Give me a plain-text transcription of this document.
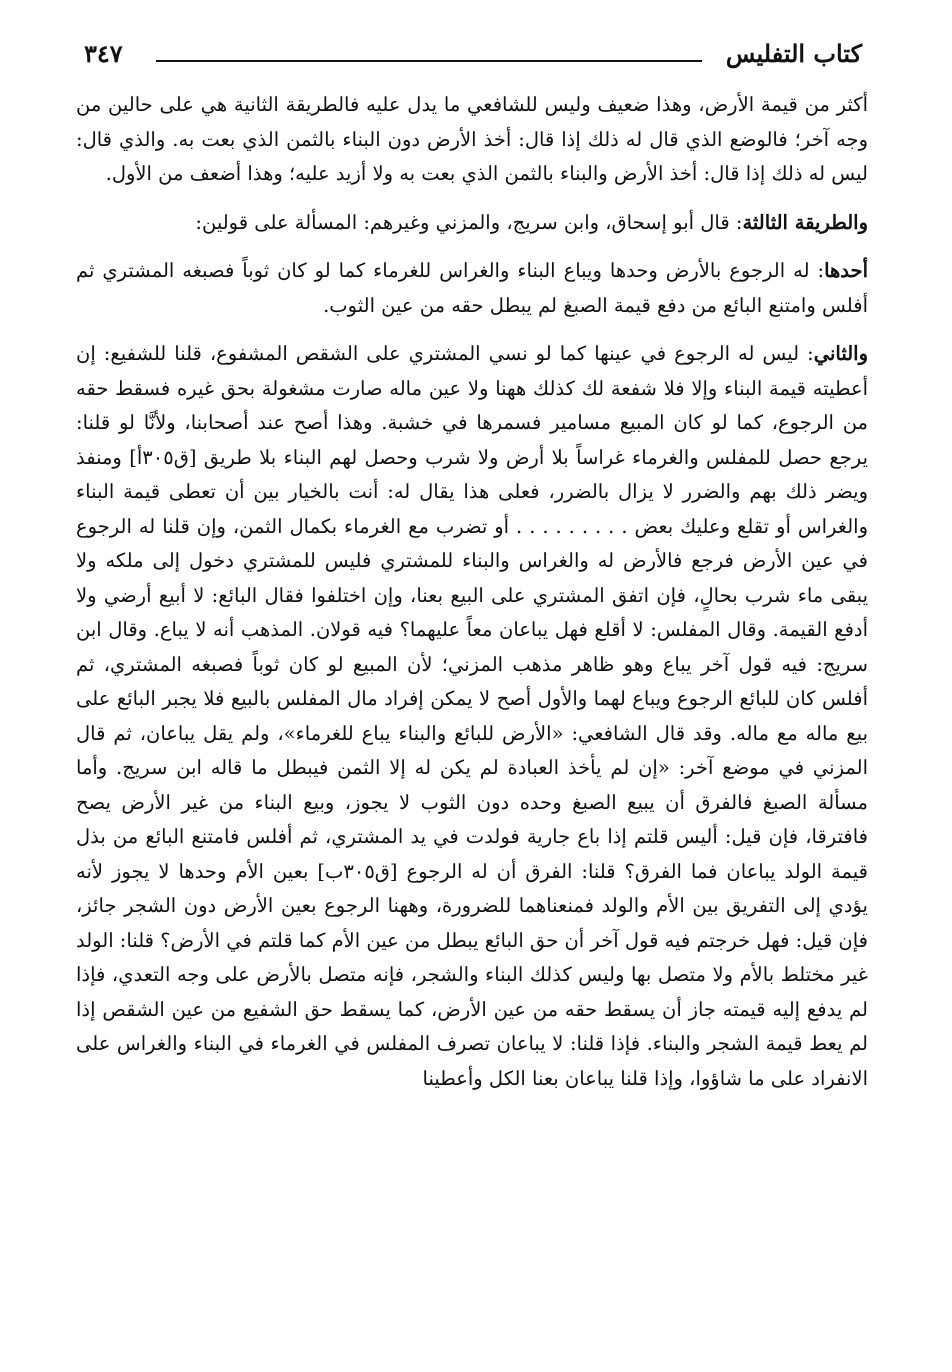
كتاب التفليس
٣٤٧

أكثر من قيمة الأرض، وهذا ضعيف وليس للشافعي ما يدل عليه فالطريقة الثانية هي على حالين من وجه آخر؛ فالوضع الذي قال له ذلك إذا قال: أخذ الأرض دون البناء بالثمن الذي بعت به. والذي قال: ليس له ذلك إذا قال: أخذ الأرض والبناء بالثمن الذي بعت به ولا أزيد عليه؛ وهذا أضعف من الأول.

والطريقة الثالثة: قال أبو إسحاق، وابن سريج، والمزني وغيرهم: المسألة على قولين:

أحدها: له الرجوع بالأرض وحدها ويباع البناء والغراس للغرماء كما لو كان ثوباً فصبغه المشتري ثم أفلس وامتنع البائع من دفع قيمة الصبغ لم يبطل حقه من عين الثوب.

والثاني: ليس له الرجوع في عينها كما لو نسي المشتري على الشقص المشفوع، قلنا للشفيع: إن أعطيته قيمة البناء وإلا فلا شفعة لك كذلك ههنا ولا عين ماله صارت مشغولة بحق غيره فسقط حقه من الرجوع، كما لو كان المبيع مسامير فسمرها في خشبة. وهذا أصح عند أصحابنا، ولأنَّا لو قلنا: يرجع حصل للمفلس والغرماء غراساً بلا أرض ولا شرب وحصل لهم البناء بلا طريق [ق٣٠٥أ] ومنفذ ويضر ذلك بهم والضرر لا يزال بالضرر، فعلى هذا يقال له: أنت بالخيار بين أن تعطى قيمة البناء والغراس أو تقلع وعليك بعض . . . . . . . . . أو تضرب مع الغرماء بكمال الثمن، وإن قلنا له الرجوع في عين الأرض فرجع فالأرض له والغراس والبناء للمشتري فليس للمشتري دخول إلى ملكه ولا يبقى ماء شرب بحالٍ، فإن اتفق المشتري على البيع بعنا، وإن اختلفوا فقال البائع: لا أبيع أرضي ولا أدفع القيمة. وقال المفلس: لا أقلع فهل يباعان معاً عليهما؟ فيه قولان. المذهب أنه لا يباع. وقال ابن سريج: فيه قول آخر يباع وهو ظاهر مذهب المزني؛ لأن المبيع لو كان ثوباً فصبغه المشتري، ثم أفلس كان للبائع الرجوع ويباع لهما والأول أصح لا يمكن إفراد مال المفلس بالبيع فلا يجبر البائع على بيع ماله مع ماله. وقد قال الشافعي: «الأرض للبائع والبناء يباع للغرماء»، ولم يقل يباعان، ثم قال المزني في موضع آخر: «إن لم يأخذ العبادة لم يكن له إلا الثمن فيبطل ما قاله ابن سريج. وأما مسألة الصبغ فالفرق أن يبيع الصبغ وحده دون الثوب لا يجوز، وبيع البناء من غير الأرض يصح فافترقا، فإن قيل: أليس قلتم إذا باع جارية فولدت في يد المشتري، ثم أفلس فامتنع البائع من بذل قيمة الولد يباعان فما الفرق؟ قلنا: الفرق أن له الرجوع [ق٣٠٥ب] بعين الأم وحدها لا يجوز لأنه يؤدي إلى التفريق بين الأم والولد فمنعناهما للضرورة، وههنا الرجوع بعين الأرض دون الشجر جائز، فإن قيل: فهل خرجتم فيه قول آخر أن حق البائع يبطل من عين الأم كما قلتم في الأرض؟ قلنا: الولد غير مختلط بالأم ولا متصل بها وليس كذلك البناء والشجر، فإنه متصل بالأرض على وجه التعدي، فإذا لم يدفع إليه قيمته جاز أن يسقط حقه من عين الأرض، كما يسقط حق الشفيع من عين الشقص إذا لم يعط قيمة الشجر والبناء. فإذا قلنا: لا يباعان تصرف المفلس في الغرماء في البناء والغراس على الانفراد على ما شاؤوا، وإذا قلنا يباعان بعنا الكل وأعطينا
